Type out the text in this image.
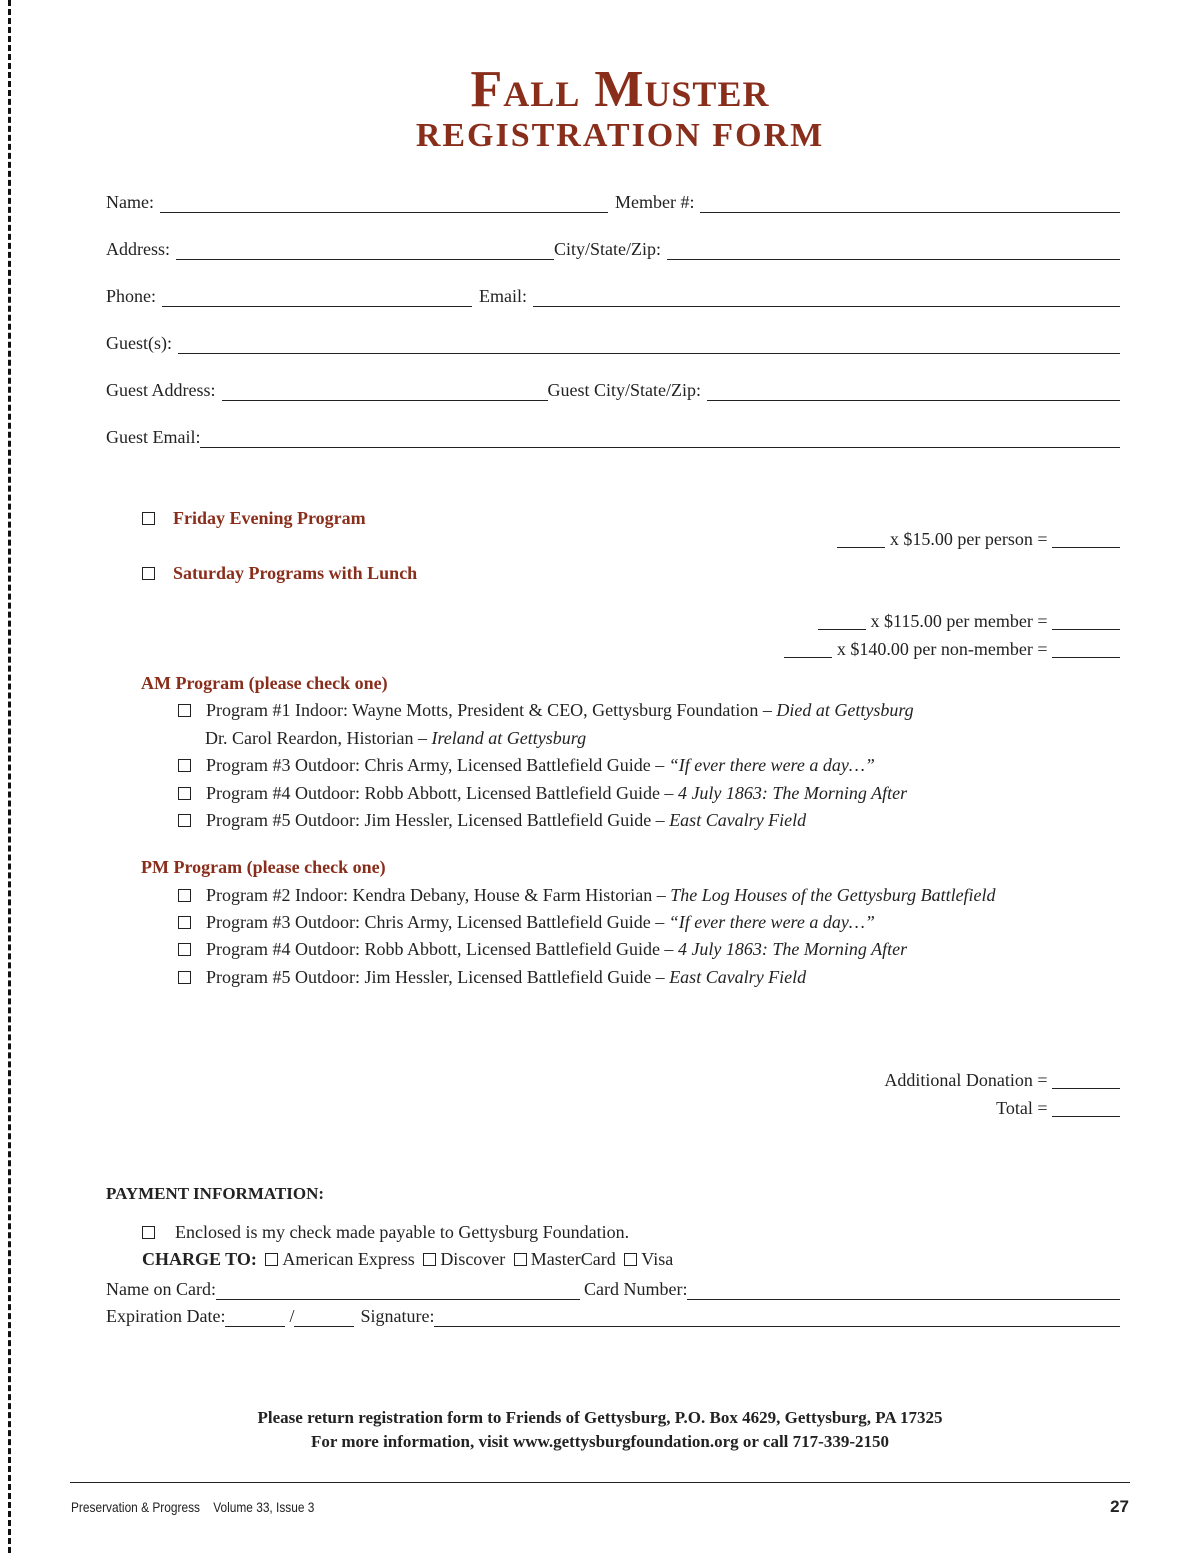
Fall Muster
REGISTRATION FORM
Name:	Member #:
Address:	City/State/Zip:
Phone:	Email:
Guest(s):
Guest Address:	Guest City/State/Zip:
Guest Email:
Friday Evening Program

x $15.00 per person =

Saturday Programs with Lunch

x $115.00 per member =

x $140.00 per non-member =

AM Program (please check one)
Program #1 Indoor: Wayne Motts, President & CEO, Gettysburg Foundation – Died at Gettysburg
Dr. Carol Reardon, Historian – Ireland at Gettysburg
Program #3 Outdoor: Chris Army, Licensed Battlefield Guide – “If ever there were a day…”
Program #4 Outdoor: Robb Abbott, Licensed Battlefield Guide – 4 July 1863: The Morning After
Program #5 Outdoor: Jim Hessler, Licensed Battlefield Guide – East Cavalry Field
PM Program (please check one)
Program #2 Indoor: Kendra Debany, House & Farm Historian – The Log Houses of the Gettysburg Battlefield
Program #3 Outdoor: Chris Army, Licensed Battlefield Guide – “If ever there were a day…”
Program #4 Outdoor: Robb Abbott, Licensed Battlefield Guide – 4 July 1863: The Morning After
Program #5 Outdoor: Jim Hessler, Licensed Battlefield Guide – East Cavalry Field

Additional Donation =

Total =

PAYMENT INFORMATION:
Enclosed is my check made payable to Gettysburg Foundation.
CHARGE TO: American Express Discover MasterCard Visa
Name on Card:	Card Number:
Expiration Date:	/	Signature:
Please return registration form to Friends of Gettysburg, P.O. Box 4629, Gettysburg, PA 17325
For more information, visit www.gettysburgfoundation.org or call 717-339-2150
Preservation & Progress Volume 33, Issue 3	27
